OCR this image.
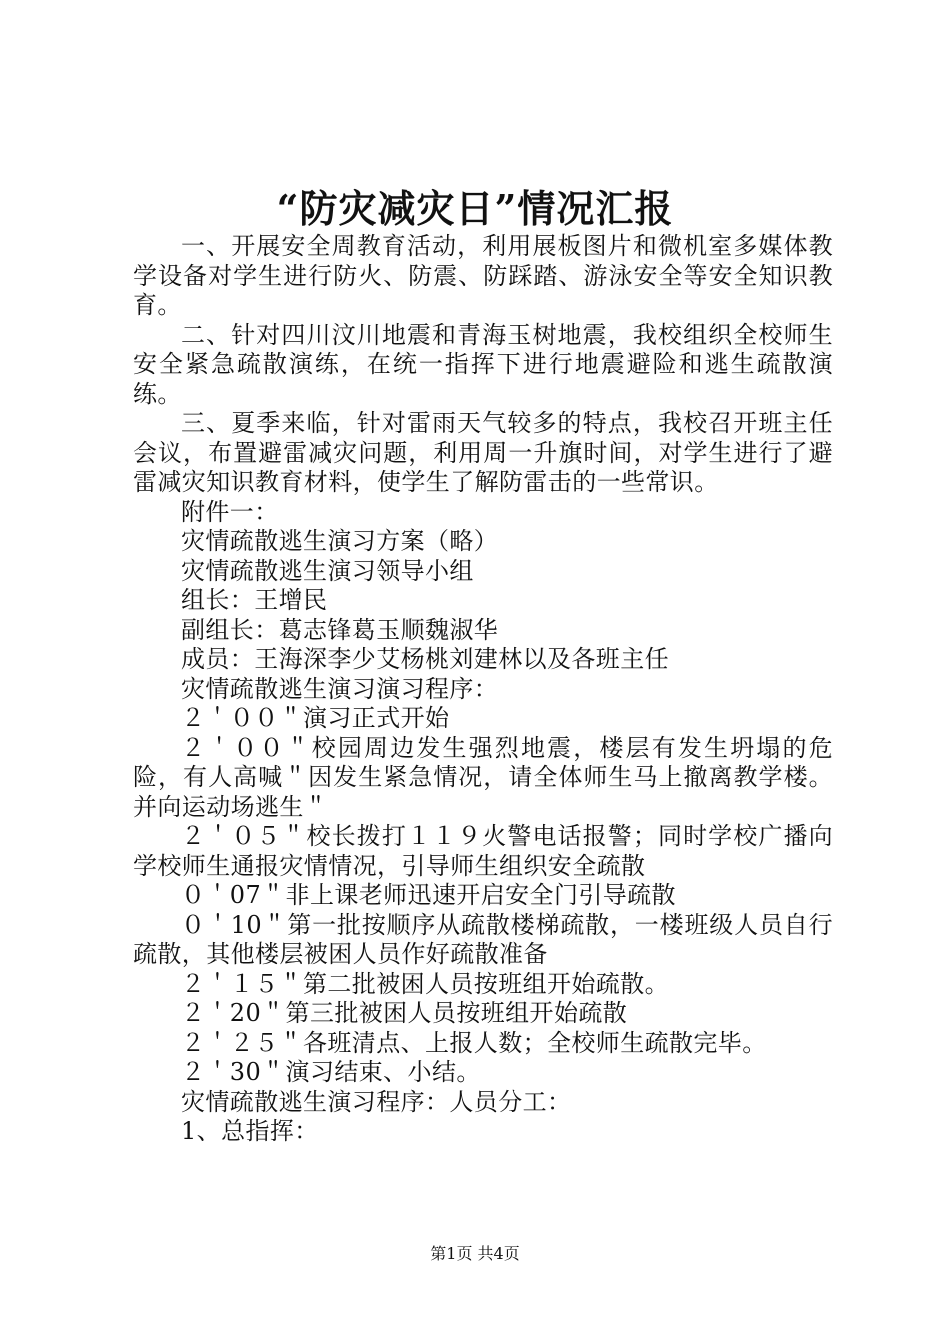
“防灾减灾日”情况汇报

一、开展安全周教育活动，利用展板图片和微机室多媒体教学设备对学生进行防火、防震、防踩踏、游泳安全等安全知识教育。

二、针对四川汶川地震和青海玉树地震，我校组织全校师生安全紧急疏散演练，在统一指挥下进行地震避险和逃生疏散演练。

三、夏季来临，针对雷雨天气较多的特点，我校召开班主任会议，布置避雷减灾问题，利用周一升旗时间，对学生进行了避雷减灾知识教育材料，使学生了解防雷击的一些常识。

附件一：

灾情疏散逃生演习方案（略）

灾情疏散逃生演习领导小组

组长：王增民

副组长：葛志锋葛玉顺魏淑华

成员：王海深李少艾杨桃刘建林以及各班主任

灾情疏散逃生演习演习程序：

２＇００＂演习正式开始

２＇００＂校园周边发生强烈地震，楼层有发生坍塌的危险，有人高喊＂因发生紧急情况，请全体师生马上撤离教学楼。并向运动场逃生＂

２＇０５＂校长拨打１１９火警电话报警；同时学校广播向学校师生通报灾情情况，引导师生组织安全疏散

０＇07＂非上课老师迅速开启安全门引导疏散

０＇10＂第一批按顺序从疏散楼梯疏散，一楼班级人员自行疏散，其他楼层被困人员作好疏散准备

２＇１５＂第二批被困人员按班组开始疏散。

２＇20＂第三批被困人员按班组开始疏散

２＇２５＂各班清点、上报人数；全校师生疏散完毕。

２＇30＂演习结束、小结。

灾情疏散逃生演习程序：人员分工：

1、总指挥：

第1页 共4页
